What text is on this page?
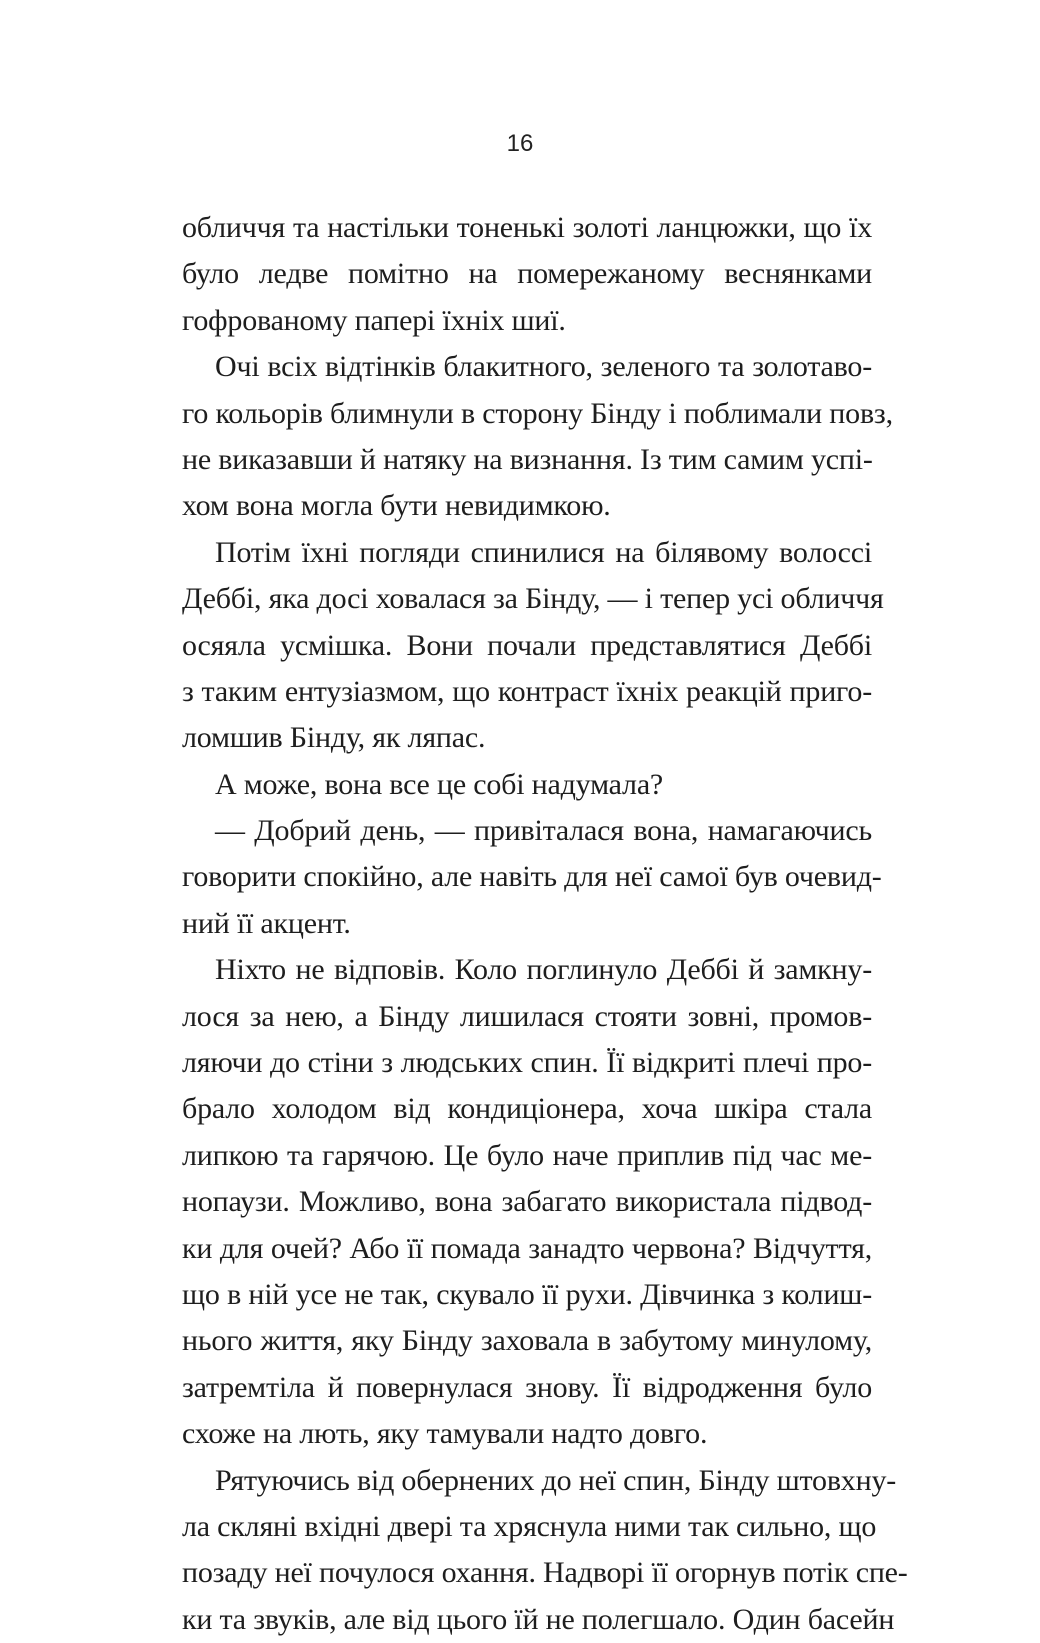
16
обличчя та настільки тоненькі золоті ланцюжки, що їх
було ледве помітно на помережаному веснянками
гофрованому папері їхніх шиї.
Очі всіх відтінків блакитного, зеленого та золотаво-
го кольорів блимнули в сторону Бінду і поблимали повз,
не виказавши й натяку на визнання. Із тим самим успі-
хом вона могла бути невидимкою.
Потім їхні погляди спинилися на білявому волоссі
Деббі, яка досі ховалася за Бінду, — і тепер усі обличчя
осяяла усмішка. Вони почали представлятися Деббі
з таким ентузіазмом, що контраст їхніх реакцій приго-
ломшив Бінду, як ляпас.
А може, вона все це собі надумала?
— Добрий день, — привіталася вона, намагаючись
говорити спокійно, але навіть для неї самої був очевид-
ний її акцент.
Ніхто не відповів. Коло поглинуло Деббі й замкну-
лося за нею, а Бінду лишилася стояти зовні, промов-
ляючи до стіни з людських спин. Її відкриті плечі про-
брало холодом від кондиціонера, хоча шкіра стала
липкою та гарячою. Це було наче приплив під час ме-
нопаузи. Можливо, вона забагато використала підвод-
ки для очей? Або її помада занадто червона? Відчуття,
що в ній усе не так, скувало її рухи. Дівчинка з колиш-
нього життя, яку Бінду заховала в забутому минулому,
затремтіла й повернулася знову. Її відродження було
схоже на лють, яку тамували надто довго.
Рятуючись від обернених до неї спин, Бінду штовхну-
ла скляні вхідні двері та хряснула ними так сильно, що
позаду неї почулося охання. Надворі її огорнув потік спе-
ки та звуків, але від цього їй не полегшало. Один басейн
